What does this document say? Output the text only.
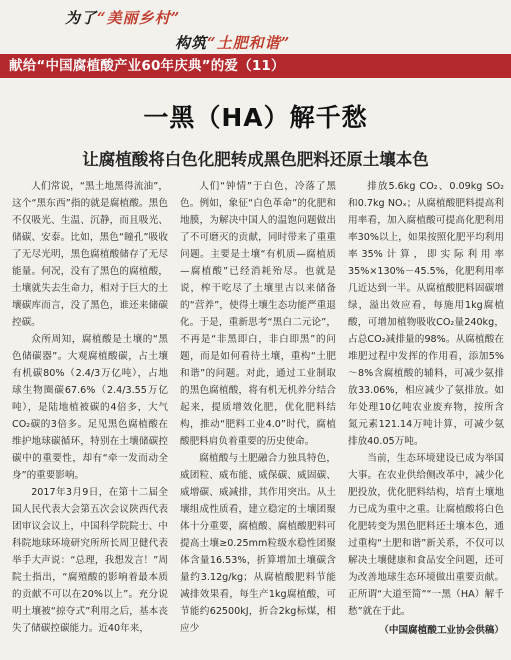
为了“美丽乡村”
构筑“土肥和谐”
献给“中国腐植酸产业60年庆典”的爱（11）
一黑（HA）解千愁
让腐植酸将白色化肥转成黑色肥料还原土壤本色

人们常说，“黑土地黑得流油”，这个“黑东西”指的就是腐植酸。黑色不仅吸光、生温、沉静，而且吸光、储碳、安泰。比如，黑色“瞳孔”吸收了无尽光明，黑色腐植酸储存了无尽能量。何况，没有了黑色的腐植酸，土壤就失去生命力，相对于巨大的土壤碳库而言，没了黑色，谁还来储碳控碳。

众所周知，腐植酸是土壤的“黑色储碳器”。大观腐植酸碳，占土壤有机碳80%（2.4/3万亿吨），占地球生物圈碳67.6%（2.4/3.55万亿吨），是陆地植被碳的4倍多，大气CO₂碳的3倍多。足见黑色腐植酸在维护地球碳循环，特别在土壤储碳控碳中的重要性，却有“牵一发而动全身”的重要影响。

2017年3月9日，在第十二届全国人民代表大会第五次会议陕西代表团审议会议上，中国科学院院士、中科院地球环境研究所所长周卫健代表举手大声说：“总理，我想发言！”周院士指出，“腐殖酸的影响着最本质的贡献不可以在20%以上”。充分说明土壤被“掠夺式”利用之后，基本丧失了储碳控碳能力。近40年来，

人们“钟情”于白色，冷落了黑色。例如，象征“白色革命”的化肥和地膜，为解决中国人的温饱问题做出了不可磨灭的贡献，同时带来了重重问题。主要是土壤“有机质—腐植质—腐植酸”已经消耗殆尽。也就是说，榨干吃尽了土壤里古以来储备的“营养”，使得土壤生态功能严重退化。于是，重新思考“黑白二元论”，不再是“非黑即白，非白即黑”的问题，而是如何看待土壤，重构“土肥和谐”的问题。对此，通过工业制取的黑色腐植酸，将有机无机养分结合起来，提质增效化肥，优化肥料结构，推动“肥料工业4.0”时代，腐植酸肥料肩负着重要的历史使命。

腐植酸与土肥融合力独具特色，威团粒、威布能、威保碳、威固碳、威增碳、威减排，其作用突出。从土壤组成性质看，建立稳定的土壤团聚体十分重要，腐植酸、腐植酸肥料可提高土壤≥0.25mm粒级水稳性团聚体含量16.53%，折算增加土壤碳含量约3.12g/kg；从腐植酸肥料节能减排效果看，每生产1kg腐植酸，可节能约62500kJ，折合2kg标煤，相应少

排放5.6kg CO₂、0.09kg SO₂和0.7kg NOₓ；从腐植酸肥料提高利用率看，加入腐植酸可提高化肥利用率30%以上，如果按照化肥平均利用率35%计算，即实际利用率35%×130%－45.5%，化肥利用率几近达到一半。从腐植酸肥料固碳增绿，溢出效应看，每施用1kg腐植酸，可增加植物吸收CO₂量240kg，占总CO₂减排量的98%。从腐植酸在堆肥过程中发挥的作用看，添加5%～8%含腐植酸的辅料，可减少氨排放33.06%，相应减少了氨排放。如年处理10亿吨农业废弃物，按所含氮元素121.14万吨计算，可减少氨排放40.05万吨。

当前，生态环境建设已成为举国大事。在农业供给侧改革中，减少化肥投放，优化肥料结构，培育土壤地力已成为重中之重。让腐植酸将白色化肥转变为黑色肥料还土壤本色，通过重构“土肥和谐”新关系，不仅可以解决土壤健康和食品安全问题，还可为改善地球生态环境做出重要贡献。正所谓“大道至简”“一黑（HA）解千愁”就在于此。

（中国腐植酸工业协会供稿）
